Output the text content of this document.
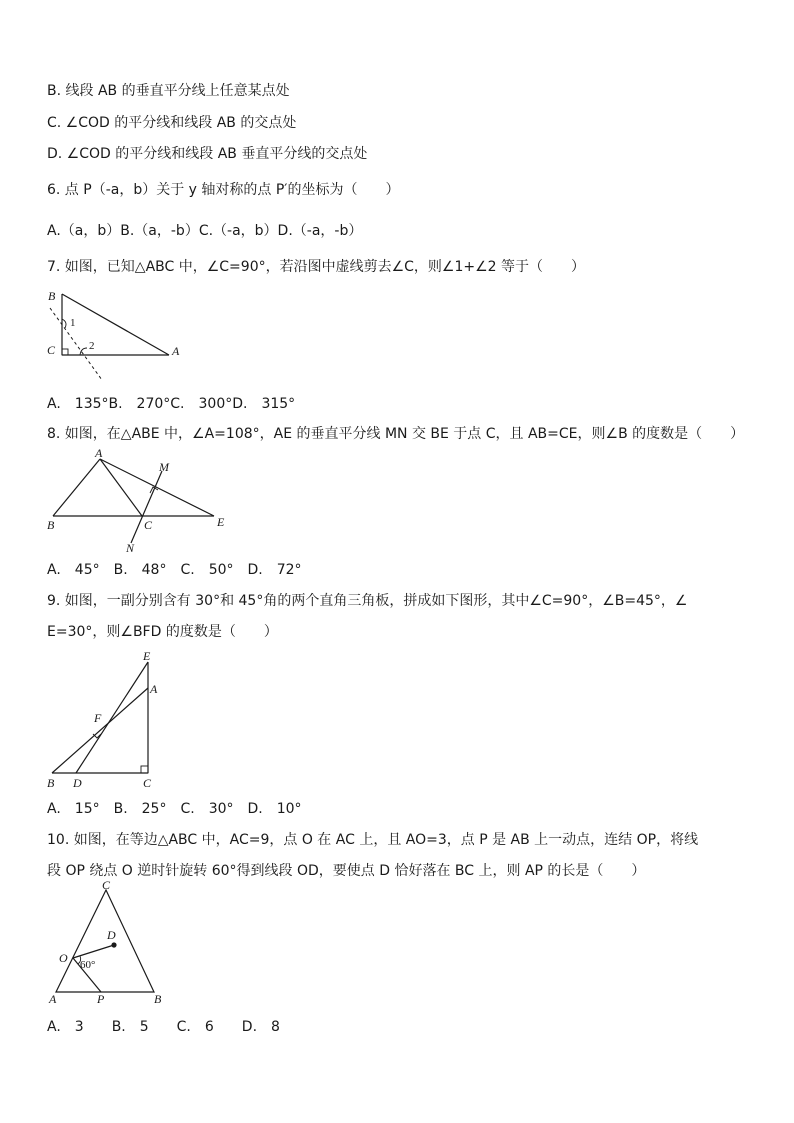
B. 线段 AB 的垂直平分线上任意某点处
C. ∠COD 的平分线和线段 AB 的交点处
D. ∠COD 的平分线和线段 AB 垂直平分线的交点处
6. 点 P（-a，b）关于 y 轴对称的点 P′的坐标为（　　）
A.（a，b）B.（a，-b）C.（-a，b）D.（-a，-b）
7. 如图，已知△ABC 中，∠C=90°，若沿图中虚线剪去∠C，则∠1+∠2 等于（　　）
B
C	A
1
2
A.　135°B.　270°C.　300°D.　315°
8. 如图，在△ABE 中，∠A=108°，AE 的垂直平分线 MN 交 BE 于点 C，且 AB=CE，则∠B 的度数是（　　）
A
M
B	C	E
N
A.　45°　B.　48°　C.　50°　D.　72°
9. 如图，一副分别含有 30°和 45°角的两个直角三角板，拼成如下图形，其中∠C=90°，∠B=45°，∠
E=30°，则∠BFD 的度数是（　　）
E
A
F
B D	C
A.　15°　B.　25°　C.　30°　D.　10°
10. 如图，在等边△ABC 中，AC=9，点 O 在 AC 上，且 AO=3，点 P 是 AB 上一动点，连结 OP，将线
段 OP 绕点 O 逆时针旋转 60°得到线段 OD，要使点 D 恰好落在 BC 上，则 AP 的长是（　　）
C
D
O 60°
A	P	B
A.　3　　B.　5　　C.　6　　D.　8
